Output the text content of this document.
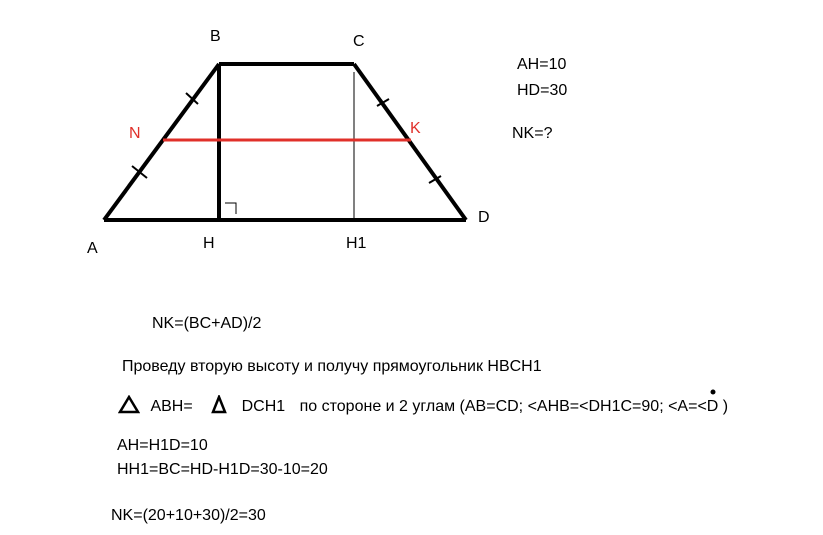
B	C
A	H	H1
D
N	K
AH=10
HD=30
NK=?
NK=(BC+AD)/2
Проведу вторую высоту и получу прямоугольник HBCH1
ABH=	DCH1 по стороне и 2 углам (AB=CD; <AHB=<DH1C=90; <A=<D )
AH=H1D=10
HH1=BC=HD-H1D=30-10=20
NK=(20+10+30)/2=30
